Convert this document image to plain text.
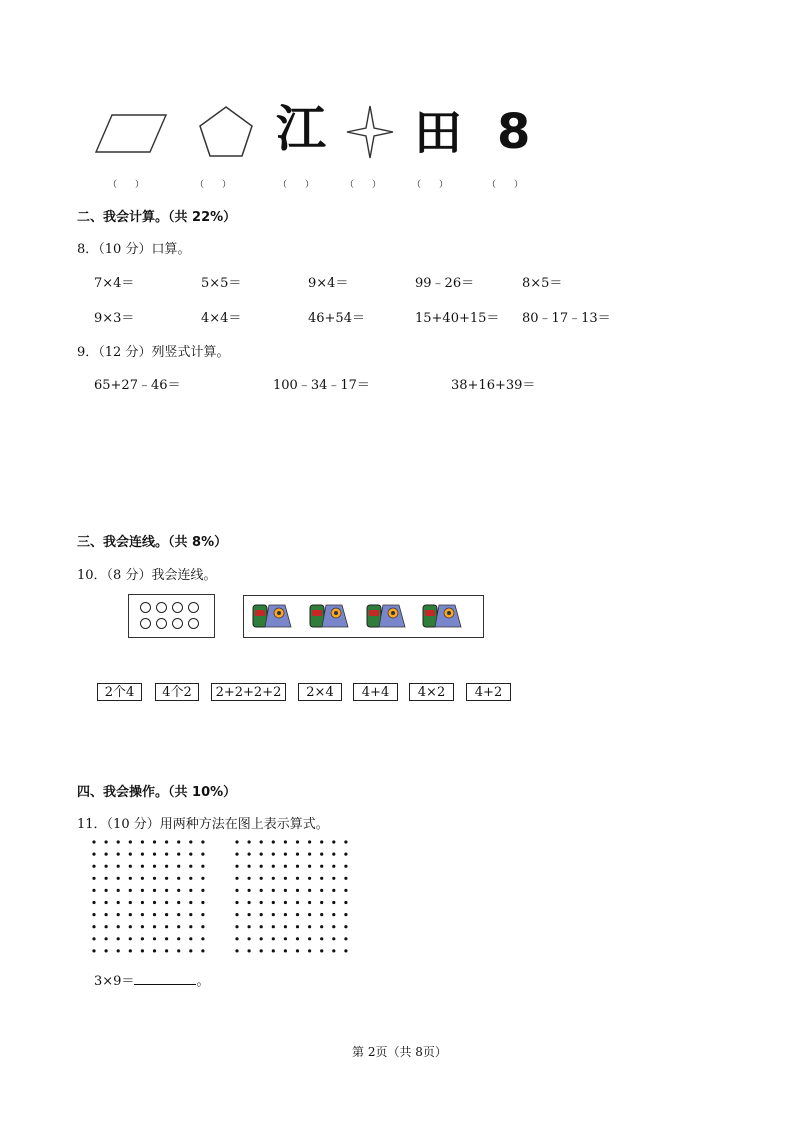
江 田 8
（　　）	（　　）	（　　）	（　　）	（　　）	（　　）
二、我会计算。（共 22%）
8．（10 分）口算。
7×4＝	5×5＝	9×4＝	99﹣26＝	8×5＝
9×3＝	4×4＝	46+54＝	15+40+15＝ 80﹣17﹣13＝
9．（12 分）列竖式计算。
65+27﹣46＝	100﹣34﹣17＝	38+16+39＝
三、我会连线。（共 8%）
10．（8 分）我会连线。
2个4	4个2	2+2+2+2	2×4	4+4	4×2	4+2
四、我会操作。（共 10%）
11．（10 分）用两种方法在图上表示算式。
3×9＝	。
第 2页（共 8页）
